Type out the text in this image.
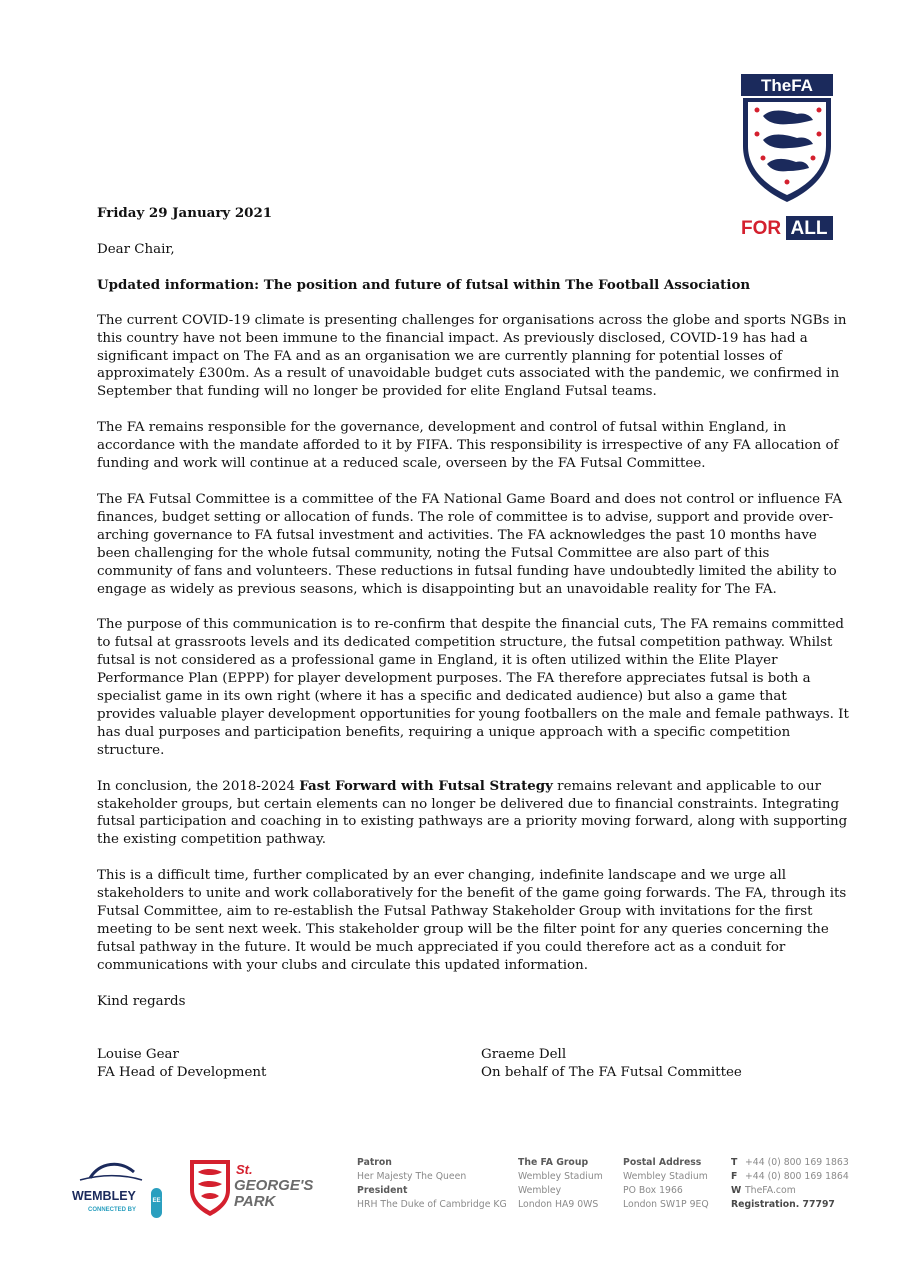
TheFA
FOR ALL
Friday 29 January 2021
Dear Chair,
Updated information: The position and future of futsal within The Football Association
The current COVID-19 climate is presenting challenges for organisations across the globe and sports NGBs in this country have not been immune to the financial impact. As previously disclosed, COVID-19 has had a significant impact on The FA and as an organisation we are currently planning for potential losses of approximately £300m. As a result of unavoidable budget cuts associated with the pandemic, we confirmed in September that funding will no longer be provided for elite England Futsal teams.
The FA remains responsible for the governance, development and control of futsal within England, in accordance with the mandate afforded to it by FIFA. This responsibility is irrespective of any FA allocation of funding and work will continue at a reduced scale, overseen by the FA Futsal Committee.
The FA Futsal Committee is a committee of the FA National Game Board and does not control or influence FA finances, budget setting or allocation of funds. The role of committee is to advise, support and provide over-arching governance to FA futsal investment and activities. The FA acknowledges the past 10 months have been challenging for the whole futsal community, noting the Futsal Committee are also part of this community of fans and volunteers. These reductions in futsal funding have undoubtedly limited the ability to engage as widely as previous seasons, which is disappointing but an unavoidable reality for The FA.
The purpose of this communication is to re-confirm that despite the financial cuts, The FA remains committed to futsal at grassroots levels and its dedicated competition structure, the futsal competition pathway. Whilst futsal is not considered as a professional game in England, it is often utilized within the Elite Player Performance Plan (EPPP) for player development purposes. The FA therefore appreciates futsal is both a specialist game in its own right (where it has a specific and dedicated audience) but also a game that provides valuable player development opportunities for young footballers on the male and female pathways. It has dual purposes and participation benefits, requiring a unique approach with a specific competition structure.
In conclusion, the 2018-2024 Fast Forward with Futsal Strategy remains relevant and applicable to our stakeholder groups, but certain elements can no longer be delivered due to financial constraints. Integrating futsal participation and coaching in to existing pathways are a priority moving forward, along with supporting the existing competition pathway.
This is a difficult time, further complicated by an ever changing, indefinite landscape and we urge all stakeholders to unite and work collaboratively for the benefit of the game going forwards. The FA, through its Futsal Committee, aim to re-establish the Futsal Pathway Stakeholder Group with invitations for the first meeting to be sent next week. This stakeholder group will be the filter point for any queries concerning the futsal pathway in the future. It would be much appreciated if you could therefore act as a conduit for communications with your clubs and circulate this updated information.
Kind regards
Louise Gear
FA Head of Development
Graeme Dell
On behalf of The FA Futsal Committee
WEMBLEY
CONNECTED BY
EE
St.
GEORGE'S
PARK
Patron
Her Majesty The Queen
President
HRH The Duke of Cambridge KG
The FA Group
Wembley Stadium
Wembley
London HA9 0WS
Postal Address
Wembley Stadium
PO Box 1966
London SW1P 9EQ
T +44 (0) 800 169 1863
F +44 (0) 800 169 1864
W TheFA.com
Registration. 77797
